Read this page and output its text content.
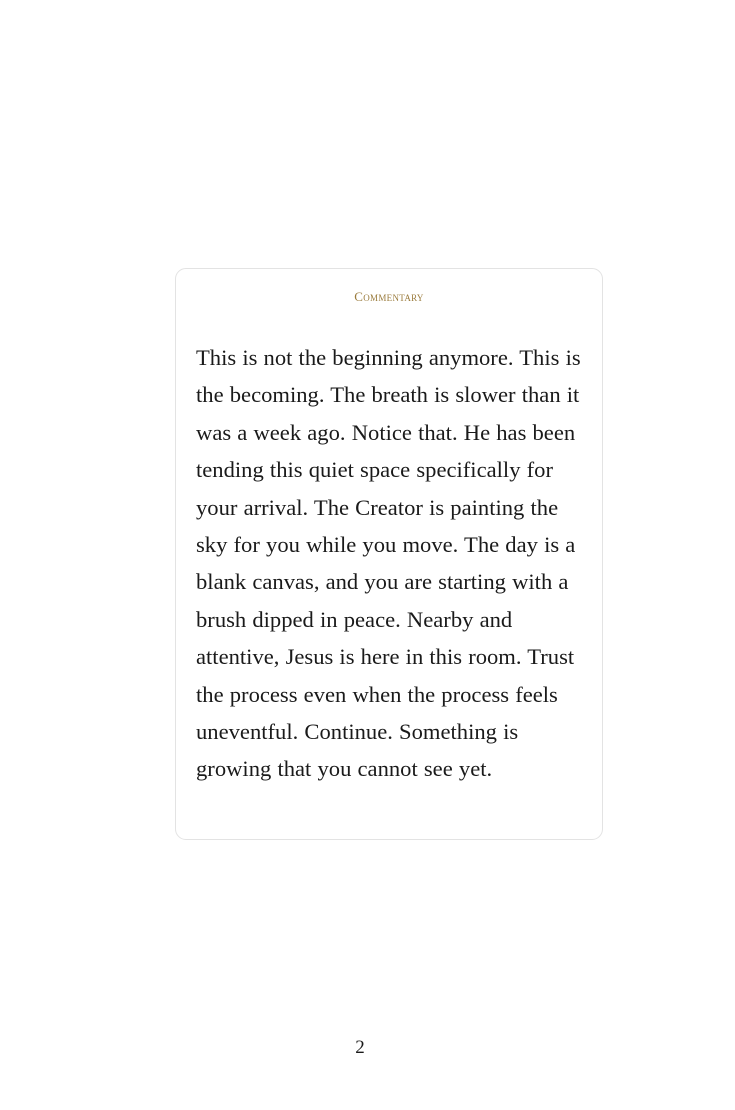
Commentary

This is not the beginning anymore. This is the becoming. The breath is slower than it was a week ago. Notice that. He has been tending this quiet space specifically for your arrival. The Creator is painting the sky for you while you move. The day is a blank canvas, and you are starting with a brush dipped in peace. Nearby and attentive, Jesus is here in this room. Trust the process even when the process feels uneventful. Continue. Something is growing that you cannot see yet.

2
